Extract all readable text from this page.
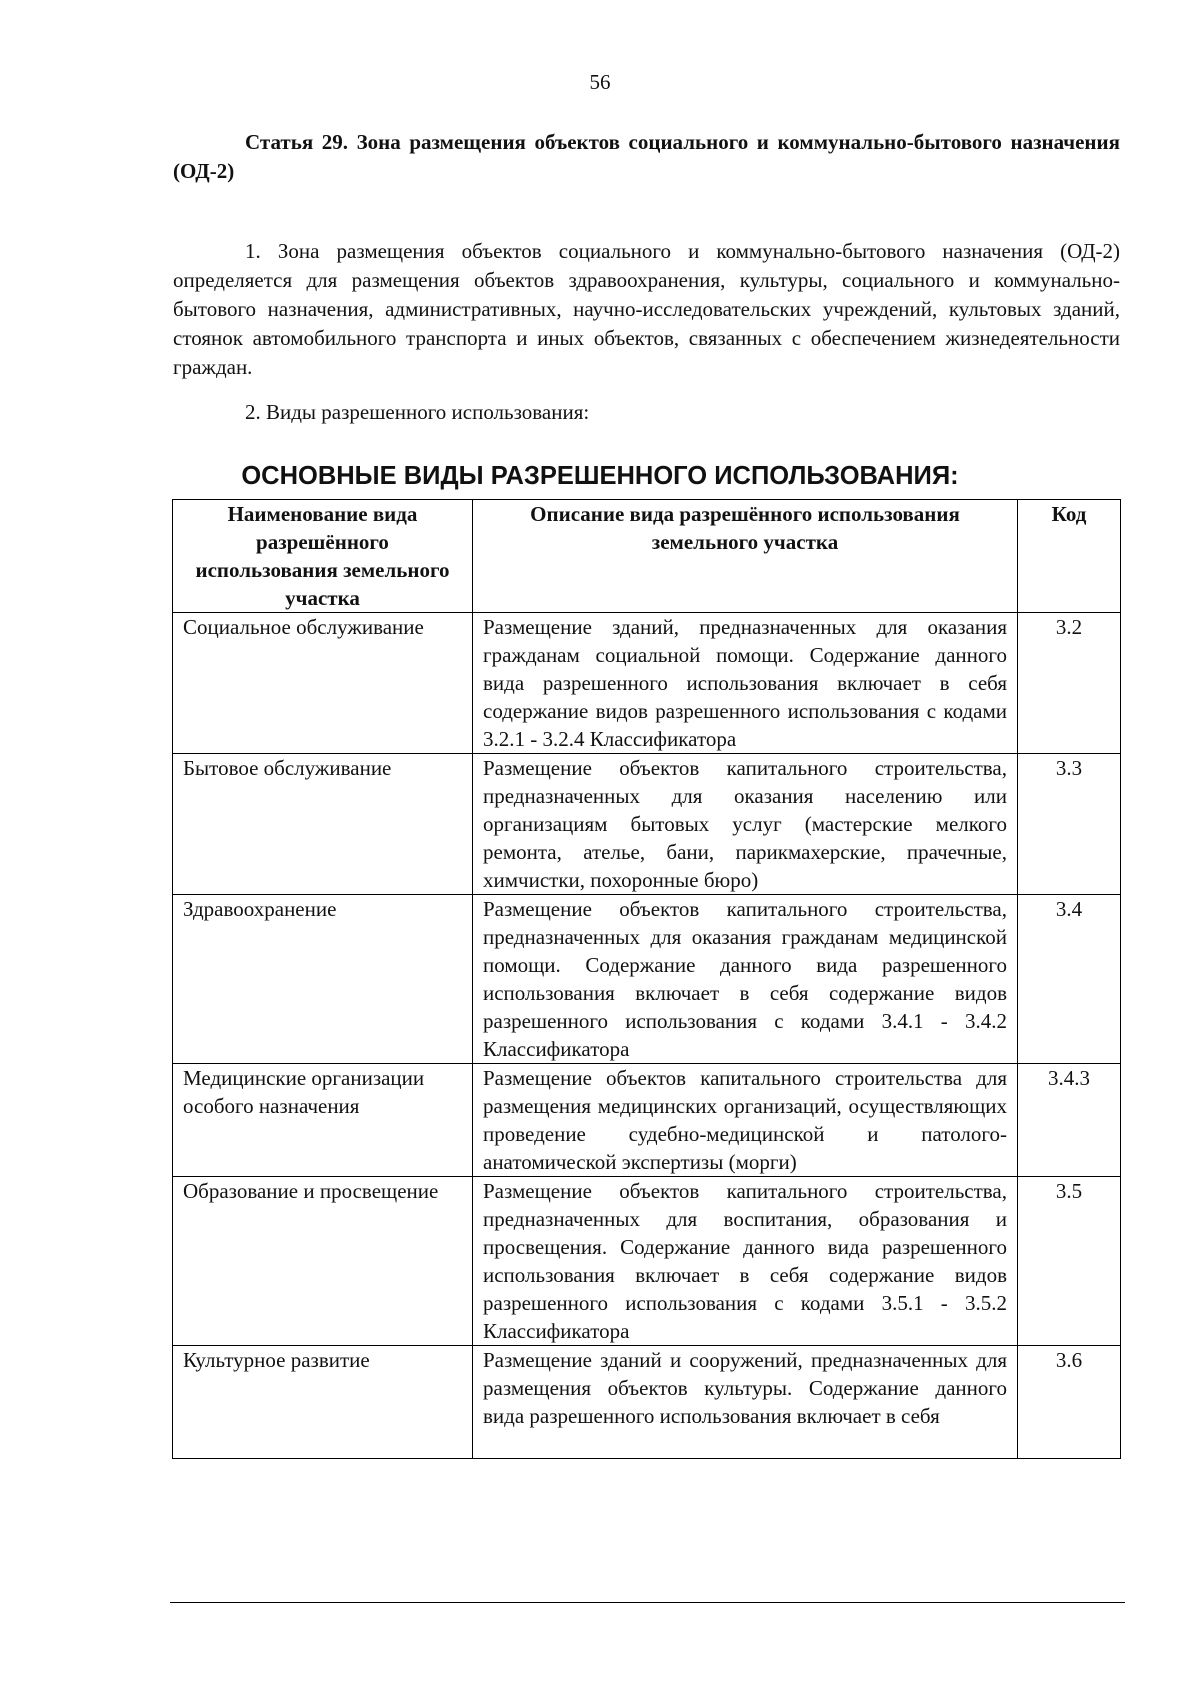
56
Статья 29. Зона размещения объектов социального и коммунально-бытового назначения (ОД-2)

1. Зона размещения объектов социального и коммунально-бытового назначения (ОД-2) определяется для размещения объектов здравоохранения, культуры, социального и коммунально-бытового назначения, административных, научно-исследовательских учреждений, культовых зданий, стоянок автомобильного транспорта и иных объектов, связанных с обеспечением жизнедеятельности граждан.

2. Виды разрешенного использования:

ОСНОВНЫЕ ВИДЫ РАЗРЕШЕННОГО ИСПОЛЬЗОВАНИЯ:
Наименование вида разрешённого использования земельного участка	Описание вида разрешённого использования земельного участка	Код
Социальное обслуживание	Размещение зданий, предназначенных для оказания гражданам социальной помощи. Содержание данного вида разрешенного использования включает в себя содержание видов разрешенного использования с кодами 3.2.1 - 3.2.4 Классификатора	3.2
Бытовое обслуживание	Размещение объектов капитального строительства, предназначенных для оказания населению или организациям бытовых услуг (мастерские мелкого ремонта, ателье, бани, парикмахерские, прачечные, химчистки, похоронные бюро)	3.3
Здравоохранение	Размещение объектов капитального строительства, предназначенных для оказания гражданам медицинской помощи. Содержание данного вида разрешенного использования включает в себя содержание видов разрешенного использования с кодами 3.4.1 - 3.4.2 Классификатора	3.4
Медицинские организации особого назначения	Размещение объектов капитального строительства для размещения медицинских организаций, осуществляющих проведение судебно-медицинской и патолого-анатомической экспертизы (морги)	3.4.3
Образование и просвещение	Размещение объектов капитального строительства, предназначенных для воспитания, образования и просвещения. Содержание данного вида разрешенного использования включает в себя содержание видов разрешенного использования с кодами 3.5.1 - 3.5.2 Классификатора	3.5
Культурное развитие	Размещение зданий и сооружений, предназначенных для размещения объектов культуры. Содержание данного вида разрешенного использования включает в себя	3.6
